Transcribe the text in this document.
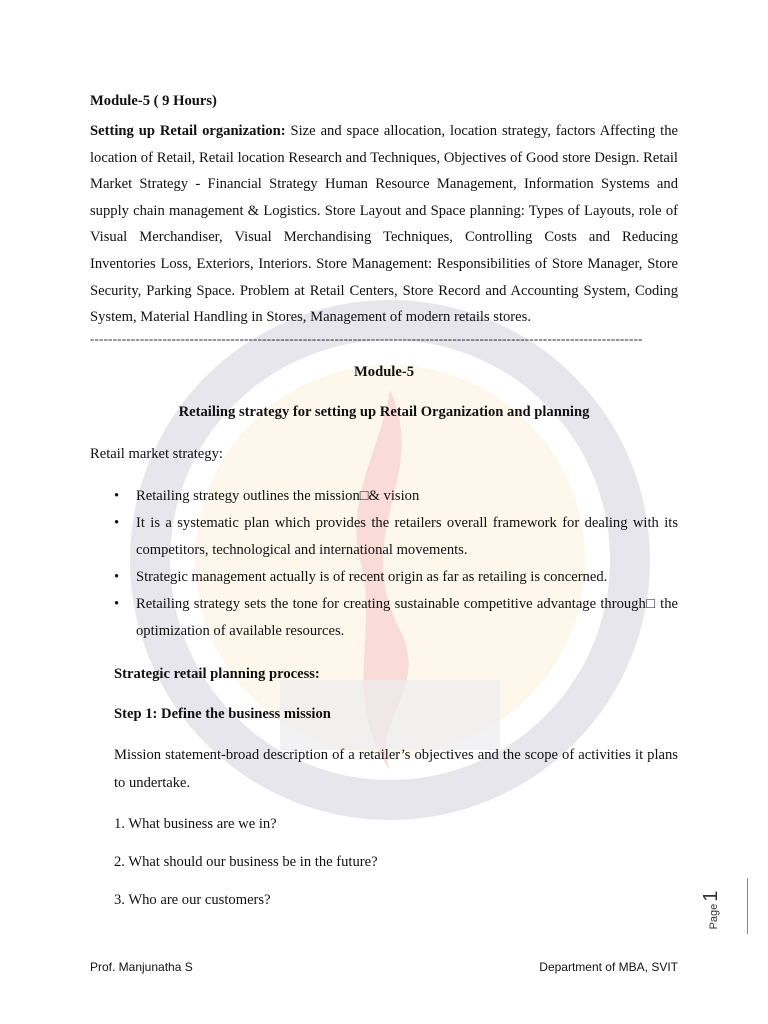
Module-5 ( 9 Hours)

Setting up Retail organization: Size and space allocation, location strategy, factors Affecting the location of Retail, Retail location Research and Techniques, Objectives of Good store Design. Retail Market Strategy - Financial Strategy Human Resource Management, Information Systems and supply chain management & Logistics. Store Layout and Space planning: Types of Layouts, role of Visual Merchandiser, Visual Merchandising Techniques, Controlling Costs and Reducing Inventories Loss, Exteriors, Interiors. Store Management: Responsibilities of Store Manager, Store Security, Parking Space. Problem at Retail Centers, Store Record and Accounting System, Coding System, Material Handling in Stores, Management of modern retails stores.

--------------------------------------------------------------------------------------------------------------------------

Module-5

Retailing strategy for setting up Retail Organization and planning

Retail market strategy:

• Retailing strategy outlines the mission□& vision
• It is a systematic plan which provides the retailers overall framework for dealing with its competitors, technological and international movements.
• Strategic management actually is of recent origin as far as retailing is concerned.
• Retailing strategy sets the tone for creating sustainable competitive advantage through□ the optimization of available resources.

Strategic retail planning process:

Step 1: Define the business mission

Mission statement-broad description of a retailer’s objectives and the scope of activities it plans to undertake.

1. What business are we in?

2. What should our business be in the future?

3. Who are our customers?

Page
1
Prof. Manjunatha S	Department of MBA, SVIT
